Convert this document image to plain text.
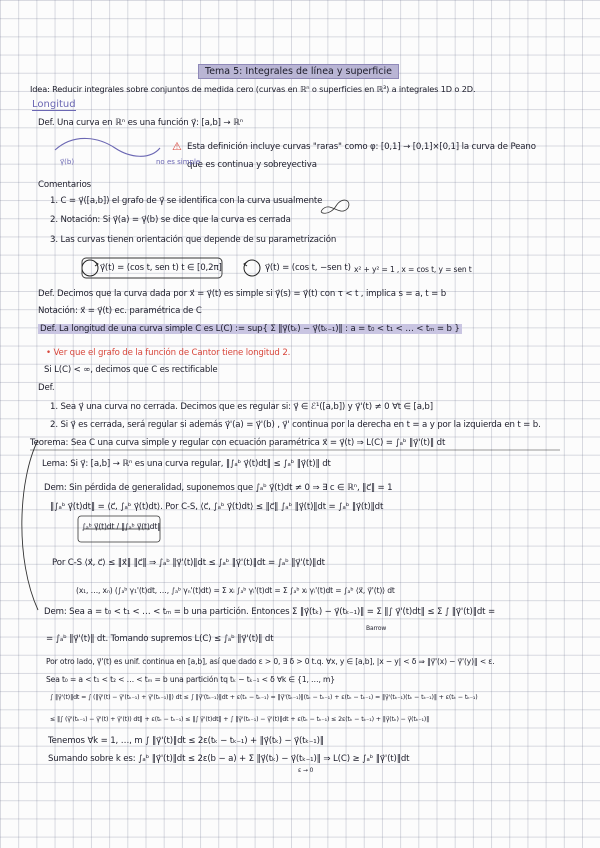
Tema 5: Integrales de línea y superficie
Idea: Reducir integrales sobre conjuntos de medida cero (curvas en ℝⁿ o superficies en ℝ³) a integrales 1D o 2D.
Longitud
Def. Una curva en ℝⁿ es una función γ⃗: [a,b] → ℝⁿ
⚠ Esta definición incluye curvas "raras" como φ: [0,1] → [0,1]×[0,1] la curva de Peano
que es continua y sobreyectiva
γ⃗(b)	no es simple
Comentarios
1. C = γ⃗([a,b]) el grafo de γ⃗ se identifica con la curva usualmente
2. Notación: Si γ⃗(a) = γ⃗(b) se dice que la curva es cerrada
3. Las curvas tienen orientación que depende de su parametrización
γ⃗(t) = (cos t, sen t) t ∈ [0,2π]	γ⃗(t) = (cos t, −sen t) x² + y² = 1 , x = cos t, y = sen t
Def. Decimos que la curva dada por x⃗ = γ⃗(t) es simple si γ⃗(s) = γ⃗(t) con τ < t , implica s = a, t = b
Notación: x⃗ = γ⃗(t) ec. paramétrica de C
Def. La longitud de una curva simple C es L(C) := sup{ Σ ‖γ⃗(tₖ) − γ⃗(tₖ₋₁)‖ : a = t₀ < t₁ < … < tₘ = b }
• Ver que el grafo de la función de Cantor tiene longitud 2.
Si L(C) < ∞, decimos que C es rectificable
Def.
1. Sea γ⃗ una curva no cerrada. Decimos que es regular si: γ⃗ ∈ ℰ¹([a,b]) y γ⃗'(t) ≠ 0 ∀t ∈ [a,b]
2. Si γ⃗ es cerrada, será regular si además γ⃗'(a) = γ⃗'(b) , γ⃗' continua por la derecha en t = a y por la izquierda en t = b.
Teorema: Sea C una curva simple y regular con ecuación paramétrica x⃗ = γ⃗(t) ⇒ L(C) = ∫ₐᵇ ‖γ⃗'(t)‖ dt
Lema: Si γ⃗: [a,b] → ℝⁿ es una curva regular, ‖∫ₐᵇ γ⃗(t)dt‖ ≤ ∫ₐᵇ ‖γ⃗(t)‖ dt
Dem: Sin pérdida de generalidad, suponemos que ∫ₐᵇ γ⃗(t)dt ≠ 0 ⇒ ∃ c ∈ ℝⁿ, ‖c⃗‖ = 1
‖∫ₐᵇ γ⃗(t)dt‖ = ⟨c⃗, ∫ₐᵇ γ⃗(t)dt⟩. Por C-S, ⟨c⃗, ∫ₐᵇ γ⃗(t)dt⟩ ≤ ‖c⃗‖ ∫ₐᵇ ‖γ⃗(t)‖dt = ∫ₐᵇ ‖γ⃗(t)‖dt
∫ₐᵇ γ⃗(t)dt / ‖∫ₐᵇ γ⃗(t)dt‖
Por C-S ⟨x⃗, c⃗⟩ ≤ ‖x⃗‖ ‖c⃗‖ ⇒ ∫ₐᵇ ‖γ⃗'(t)‖dt ≤ ∫ₐᵇ ‖γ⃗'(t)‖dt = ∫ₐᵇ ‖γ⃗'(t)‖dt
(x₁, …, xₙ) (∫ₐᵇ γ₁'(t)dt, …, ∫ₐᵇ γₙ'(t)dt) = Σ xᵢ ∫ₐᵇ γᵢ'(t)dt = Σ ∫ₐᵇ xᵢ γᵢ'(t)dt = ∫ₐᵇ ⟨x⃗, γ⃗'(t)⟩ dt
Dem: Sea a = t₀ < t₁ < … < tₘ = b una partición. Entonces Σ ‖γ⃗(tₖ) − γ⃗(tₖ₋₁)‖ = Σ ‖∫ γ⃗'(t)dt‖ ≤ Σ ∫ ‖γ⃗'(t)‖dt =
Barrow
= ∫ₐᵇ ‖γ⃗'(t)‖ dt. Tomando supremos L(C) ≤ ∫ₐᵇ ‖γ⃗'(t)‖ dt
Por otro lado, γ⃗'(t) es unif. continua en [a,b], así que dado ε > 0, ∃ δ > 0 t.q. ∀x, y ∈ [a,b], |x − y| < δ ⇒ ‖γ⃗'(x) − γ⃗'(y)‖ < ε.
Sea t₀ = a < t₁ < t₂ < … < tₘ = b una partición tq tₖ − tₖ₋₁ < δ ∀k ∈ {1, …, m}
∫ ‖γ⃗'(t)‖dt = ∫ (‖γ⃗'(t) − γ⃗'(tₖ₋₁) + γ⃗'(tₖ₋₁)‖) dt ≤ ∫ ‖γ⃗'(tₖ₋₁)‖dt + ε(tₖ − tₖ₋₁) = ‖γ⃗'(tₖ₋₁)‖(tₖ − tₖ₋₁) + ε(tₖ − tₖ₋₁) = ‖γ⃗'(tₖ₋₁)(tₖ − tₖ₋₁)‖ + ε(tₖ − tₖ₋₁)
≤ ‖∫ (γ⃗'(tₖ₋₁) − γ⃗'(t) + γ⃗'(t)) dt‖ + ε(tₖ − tₖ₋₁) ≤ ‖∫ γ⃗'(t)dt‖ + ∫ ‖γ⃗'(tₖ₋₁) − γ⃗'(t)‖dt + ε(tₖ − tₖ₋₁) ≤ 2ε(tₖ − tₖ₋₁) + ‖γ⃗(tₖ) − γ⃗(tₖ₋₁)‖
Tenemos ∀k = 1, …, m ∫ ‖γ⃗'(t)‖dt ≤ 2ε(tₖ − tₖ₋₁) + ‖γ⃗(tₖ) − γ⃗(tₖ₋₁)‖
Sumando sobre k es: ∫ₐᵇ ‖γ⃗'(t)‖dt ≤ 2ε(b − a) + Σ ‖γ⃗(tₖ) − γ⃗(tₖ₋₁)‖ ⇒ L(C) ≥ ∫ₐᵇ ‖γ⃗'(t)‖dt
ε → 0
